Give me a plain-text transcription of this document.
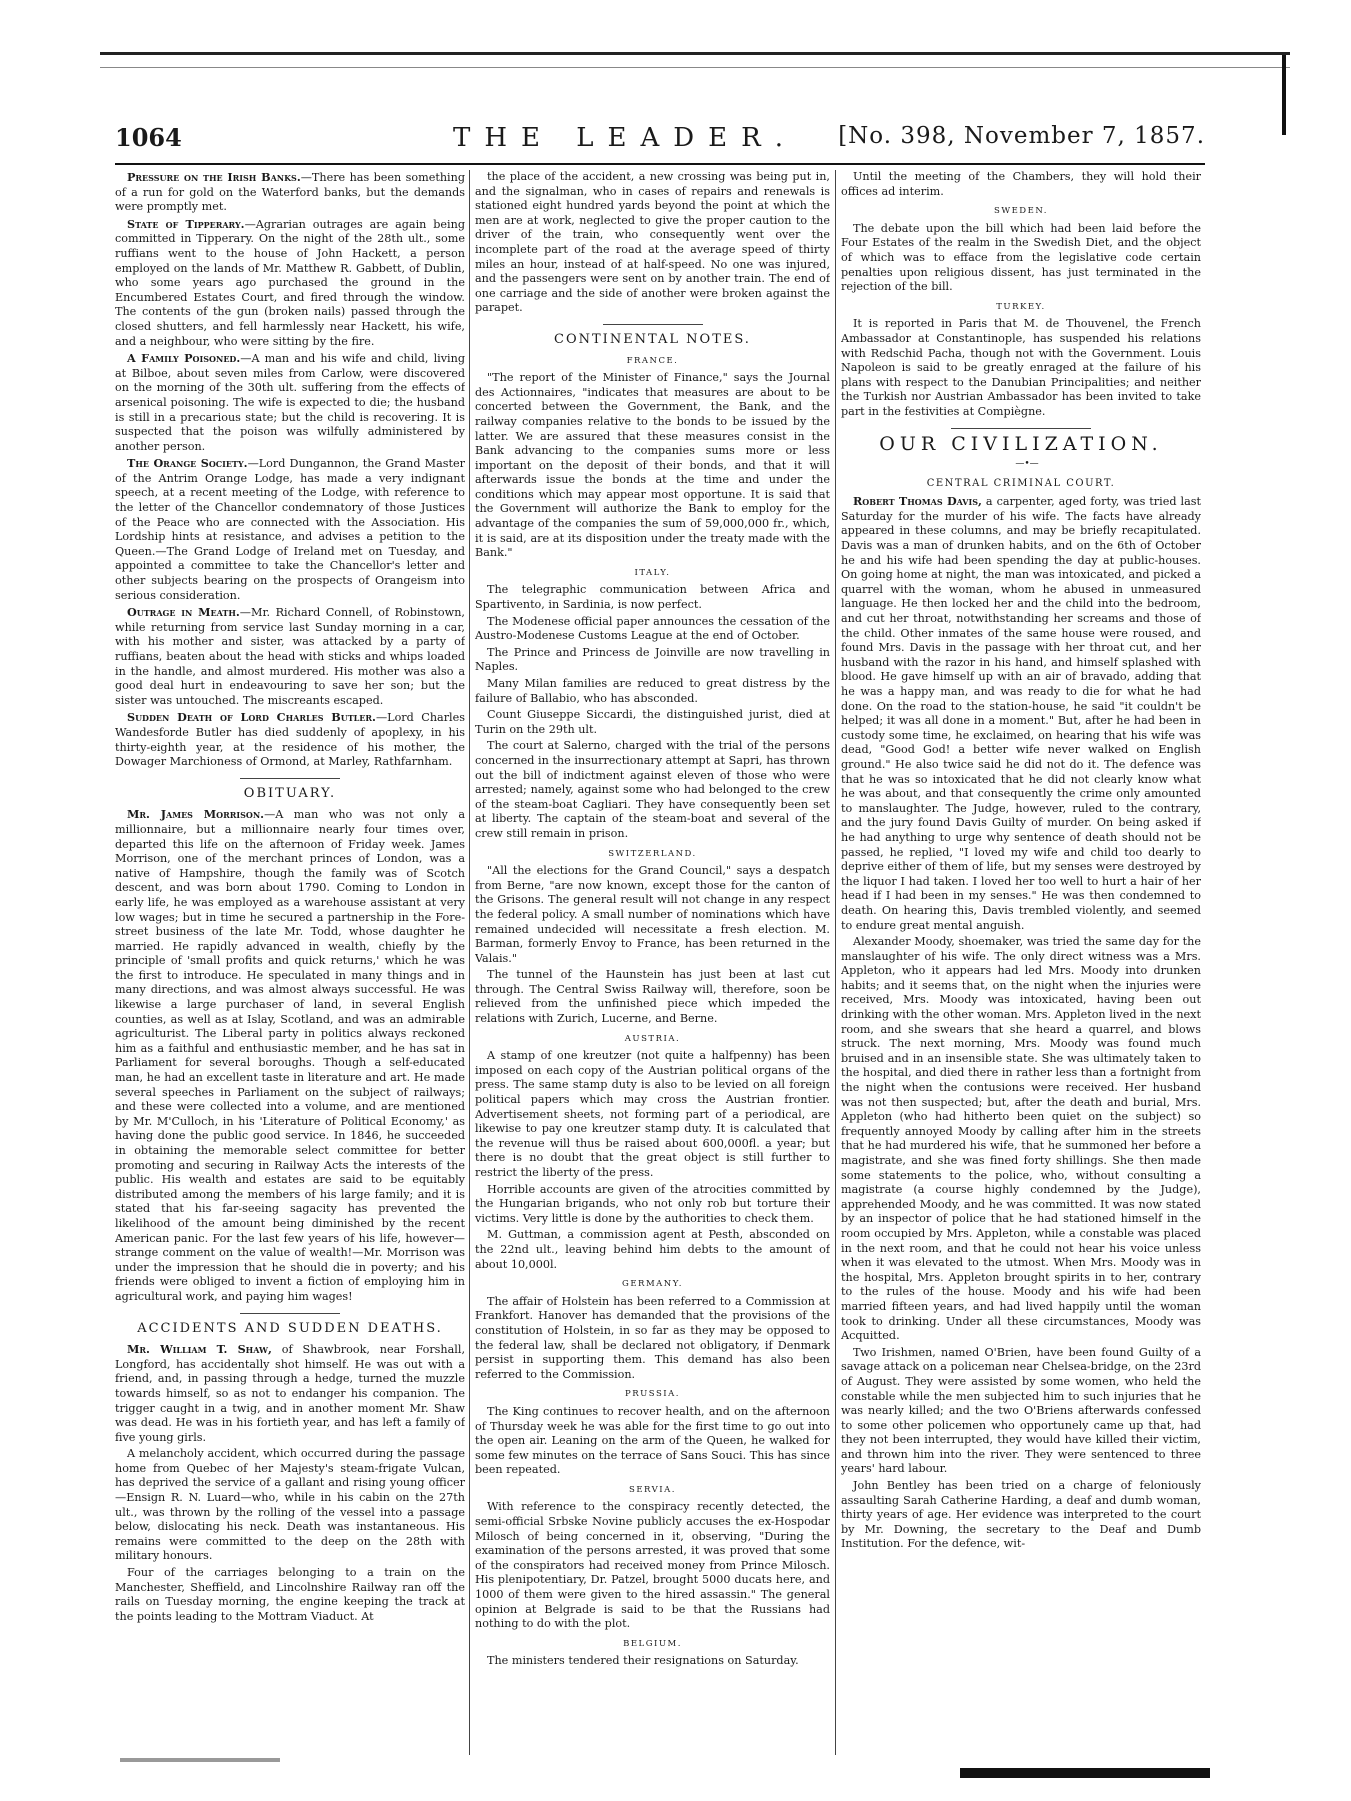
1064	THE LEADER.	[No. 398, November 7, 1857.

Pressure on the Irish Banks.—There has been something of a run for gold on the Waterford banks, but the demands were promptly met.

State of Tipperary.—Agrarian outrages are again being committed in Tipperary. On the night of the 28th ult., some ruffians went to the house of John Hackett, a person employed on the lands of Mr. Matthew R. Gabbett, of Dublin, who some years ago purchased the ground in the Encumbered Estates Court, and fired through the window. The contents of the gun (broken nails) passed through the closed shutters, and fell harmlessly near Hackett, his wife, and a neighbour, who were sitting by the fire.

A Family Poisoned.—A man and his wife and child, living at Bilboe, about seven miles from Carlow, were discovered on the morning of the 30th ult. suffering from the effects of arsenical poisoning. The wife is expected to die; the husband is still in a precarious state; but the child is recovering. It is suspected that the poison was wilfully administered by another person.

The Orange Society.—Lord Dungannon, the Grand Master of the Antrim Orange Lodge, has made a very indignant speech, at a recent meeting of the Lodge, with reference to the letter of the Chancellor condemnatory of those Justices of the Peace who are connected with the Association. His Lordship hints at resistance, and advises a petition to the Queen.—The Grand Lodge of Ireland met on Tuesday, and appointed a committee to take the Chancellor's letter and other subjects bearing on the prospects of Orangeism into serious consideration.

Outrage in Meath.—Mr. Richard Connell, of Robinstown, while returning from service last Sunday morning in a car, with his mother and sister, was attacked by a party of ruffians, beaten about the head with sticks and whips loaded in the handle, and almost murdered. His mother was also a good deal hurt in endeavouring to save her son; but the sister was untouched. The miscreants escaped.

Sudden Death of Lord Charles Butler.—Lord Charles Wandesforde Butler has died suddenly of apoplexy, in his thirty-eighth year, at the residence of his mother, the Dowager Marchioness of Ormond, at Marley, Rathfarnham.

OBITUARY.

Mr. James Morrison.—A man who was not only a millionnaire, but a millionnaire nearly four times over, departed this life on the afternoon of Friday week. James Morrison, one of the merchant princes of London, was a native of Hampshire, though the family was of Scotch descent, and was born about 1790. Coming to London in early life, he was employed as a warehouse assistant at very low wages; but in time he secured a partnership in the Fore-street business of the late Mr. Todd, whose daughter he married. He rapidly advanced in wealth, chiefly by the principle of 'small profits and quick returns,' which he was the first to introduce. He speculated in many things and in many directions, and was almost always successful. He was likewise a large purchaser of land, in several English counties, as well as at Islay, Scotland, and was an admirable agriculturist. The Liberal party in politics always reckoned him as a faithful and enthusiastic member, and he has sat in Parliament for several boroughs. Though a self-educated man, he had an excellent taste in literature and art. He made several speeches in Parliament on the subject of railways; and these were collected into a volume, and are mentioned by Mr. M'Culloch, in his 'Literature of Political Economy,' as having done the public good service. In 1846, he succeeded in obtaining the memorable select committee for better promoting and securing in Railway Acts the interests of the public. His wealth and estates are said to be equitably distributed among the members of his large family; and it is stated that his far-seeing sagacity has prevented the likelihood of the amount being diminished by the recent American panic. For the last few years of his life, however—strange comment on the value of wealth!—Mr. Morrison was under the impression that he should die in poverty; and his friends were obliged to invent a fiction of employing him in agricultural work, and paying him wages!

ACCIDENTS AND SUDDEN DEATHS.

Mr. William T. Shaw, of Shawbrook, near Forshall, Longford, has accidentally shot himself. He was out with a friend, and, in passing through a hedge, turned the muzzle towards himself, so as not to endanger his companion. The trigger caught in a twig, and in another moment Mr. Shaw was dead. He was in his fortieth year, and has left a family of five young girls.

A melancholy accident, which occurred during the passage home from Quebec of her Majesty's steam-frigate Vulcan, has deprived the service of a gallant and rising young officer—Ensign R. N. Luard—who, while in his cabin on the 27th ult., was thrown by the rolling of the vessel into a passage below, dislocating his neck. Death was instantaneous. His remains were committed to the deep on the 28th with military honours.

Four of the carriages belonging to a train on the Manchester, Sheffield, and Lincolnshire Railway ran off the rails on Tuesday morning, the engine keeping the track at the points leading to the Mottram Viaduct. At

the place of the accident, a new crossing was being put in, and the signalman, who in cases of repairs and renewals is stationed eight hundred yards beyond the point at which the men are at work, neglected to give the proper caution to the driver of the train, who consequently went over the incomplete part of the road at the average speed of thirty miles an hour, instead of at half-speed. No one was injured, and the passengers were sent on by another train. The end of one carriage and the side of another were broken against the parapet.

CONTINENTAL NOTES.
FRANCE.

"The report of the Minister of Finance," says the Journal des Actionnaires, "indicates that measures are about to be concerted between the Government, the Bank, and the railway companies relative to the bonds to be issued by the latter. We are assured that these measures consist in the Bank advancing to the companies sums more or less important on the deposit of their bonds, and that it will afterwards issue the bonds at the time and under the conditions which may appear most opportune. It is said that the Government will authorize the Bank to employ for the advantage of the companies the sum of 59,000,000 fr., which, it is said, are at its disposition under the treaty made with the Bank."

ITALY.

The telegraphic communication between Africa and Spartivento, in Sardinia, is now perfect.

The Modenese official paper announces the cessation of the Austro-Modenese Customs League at the end of October.

The Prince and Princess de Joinville are now travelling in Naples.

Many Milan families are reduced to great distress by the failure of Ballabio, who has absconded.

Count Giuseppe Siccardi, the distinguished jurist, died at Turin on the 29th ult.

The court at Salerno, charged with the trial of the persons concerned in the insurrectionary attempt at Sapri, has thrown out the bill of indictment against eleven of those who were arrested; namely, against some who had belonged to the crew of the steam-boat Cagliari. They have consequently been set at liberty. The captain of the steam-boat and several of the crew still remain in prison.

SWITZERLAND.

"All the elections for the Grand Council," says a despatch from Berne, "are now known, except those for the canton of the Grisons. The general result will not change in any respect the federal policy. A small number of nominations which have remained undecided will necessitate a fresh election. M. Barman, formerly Envoy to France, has been returned in the Valais."

The tunnel of the Haunstein has just been at last cut through. The Central Swiss Railway will, therefore, soon be relieved from the unfinished piece which impeded the relations with Zurich, Lucerne, and Berne.

AUSTRIA.

A stamp of one kreutzer (not quite a halfpenny) has been imposed on each copy of the Austrian political organs of the press. The same stamp duty is also to be levied on all foreign political papers which may cross the Austrian frontier. Advertisement sheets, not forming part of a periodical, are likewise to pay one kreutzer stamp duty. It is calculated that the revenue will thus be raised about 600,000fl. a year; but there is no doubt that the great object is still further to restrict the liberty of the press.

Horrible accounts are given of the atrocities committed by the Hungarian brigands, who not only rob but torture their victims. Very little is done by the authorities to check them.

M. Guttman, a commission agent at Pesth, absconded on the 22nd ult., leaving behind him debts to the amount of about 10,000l.

GERMANY.

The affair of Holstein has been referred to a Commission at Frankfort. Hanover has demanded that the provisions of the constitution of Holstein, in so far as they may be opposed to the federal law, shall be declared not obligatory, if Denmark persist in supporting them. This demand has also been referred to the Commission.

PRUSSIA.

The King continues to recover health, and on the afternoon of Thursday week he was able for the first time to go out into the open air. Leaning on the arm of the Queen, he walked for some few minutes on the terrace of Sans Souci. This has since been repeated.

SERVIA.

With reference to the conspiracy recently detected, the semi-official Srbske Novine publicly accuses the ex-Hospodar Milosch of being concerned in it, observing, "During the examination of the persons arrested, it was proved that some of the conspirators had received money from Prince Milosch. His plenipotentiary, Dr. Patzel, brought 5000 ducats here, and 1000 of them were given to the hired assassin." The general opinion at Belgrade is said to be that the Russians had nothing to do with the plot.

BELGIUM.

The ministers tendered their resignations on Saturday.

Until the meeting of the Chambers, they will hold their offices ad interim.

SWEDEN.

The debate upon the bill which had been laid before the Four Estates of the realm in the Swedish Diet, and the object of which was to efface from the legislative code certain penalties upon religious dissent, has just terminated in the rejection of the bill.

TURKEY.

It is reported in Paris that M. de Thouvenel, the French Ambassador at Constantinople, has suspended his relations with Redschid Pacha, though not with the Government. Louis Napoleon is said to be greatly enraged at the failure of his plans with respect to the Danubian Principalities; and neither the Turkish nor Austrian Ambassador has been invited to take part in the festivities at Compiègne.

OUR CIVILIZATION.

—•—

CENTRAL CRIMINAL COURT.

Robert Thomas Davis, a carpenter, aged forty, was tried last Saturday for the murder of his wife. The facts have already appeared in these columns, and may be briefly recapitulated. Davis was a man of drunken habits, and on the 6th of October he and his wife had been spending the day at public-houses. On going home at night, the man was intoxicated, and picked a quarrel with the woman, whom he abused in unmeasured language. He then locked her and the child into the bedroom, and cut her throat, notwithstanding her screams and those of the child. Other inmates of the same house were roused, and found Mrs. Davis in the passage with her throat cut, and her husband with the razor in his hand, and himself splashed with blood. He gave himself up with an air of bravado, adding that he was a happy man, and was ready to die for what he had done. On the road to the station-house, he said "it couldn't be helped; it was all done in a moment." But, after he had been in custody some time, he exclaimed, on hearing that his wife was dead, "Good God! a better wife never walked on English ground." He also twice said he did not do it. The defence was that he was so intoxicated that he did not clearly know what he was about, and that consequently the crime only amounted to manslaughter. The Judge, however, ruled to the contrary, and the jury found Davis Guilty of murder. On being asked if he had anything to urge why sentence of death should not be passed, he replied, "I loved my wife and child too dearly to deprive either of them of life, but my senses were destroyed by the liquor I had taken. I loved her too well to hurt a hair of her head if I had been in my senses." He was then condemned to death. On hearing this, Davis trembled violently, and seemed to endure great mental anguish.

Alexander Moody, shoemaker, was tried the same day for the manslaughter of his wife. The only direct witness was a Mrs. Appleton, who it appears had led Mrs. Moody into drunken habits; and it seems that, on the night when the injuries were received, Mrs. Moody was intoxicated, having been out drinking with the other woman. Mrs. Appleton lived in the next room, and she swears that she heard a quarrel, and blows struck. The next morning, Mrs. Moody was found much bruised and in an insensible state. She was ultimately taken to the hospital, and died there in rather less than a fortnight from the night when the contusions were received. Her husband was not then suspected; but, after the death and burial, Mrs. Appleton (who had hitherto been quiet on the subject) so frequently annoyed Moody by calling after him in the streets that he had murdered his wife, that he summoned her before a magistrate, and she was fined forty shillings. She then made some statements to the police, who, without consulting a magistrate (a course highly condemned by the Judge), apprehended Moody, and he was committed. It was now stated by an inspector of police that he had stationed himself in the room occupied by Mrs. Appleton, while a constable was placed in the next room, and that he could not hear his voice unless when it was elevated to the utmost. When Mrs. Moody was in the hospital, Mrs. Appleton brought spirits in to her, contrary to the rules of the house. Moody and his wife had been married fifteen years, and had lived happily until the woman took to drinking. Under all these circumstances, Moody was Acquitted.

Two Irishmen, named O'Brien, have been found Guilty of a savage attack on a policeman near Chelsea-bridge, on the 23rd of August. They were assisted by some women, who held the constable while the men subjected him to such injuries that he was nearly killed; and the two O'Briens afterwards confessed to some other policemen who opportunely came up that, had they not been interrupted, they would have killed their victim, and thrown him into the river. They were sentenced to three years' hard labour.

John Bentley has been tried on a charge of feloniously assaulting Sarah Catherine Harding, a deaf and dumb woman, thirty years of age. Her evidence was interpreted to the court by Mr. Downing, the secretary to the Deaf and Dumb Institution. For the defence, wit-
